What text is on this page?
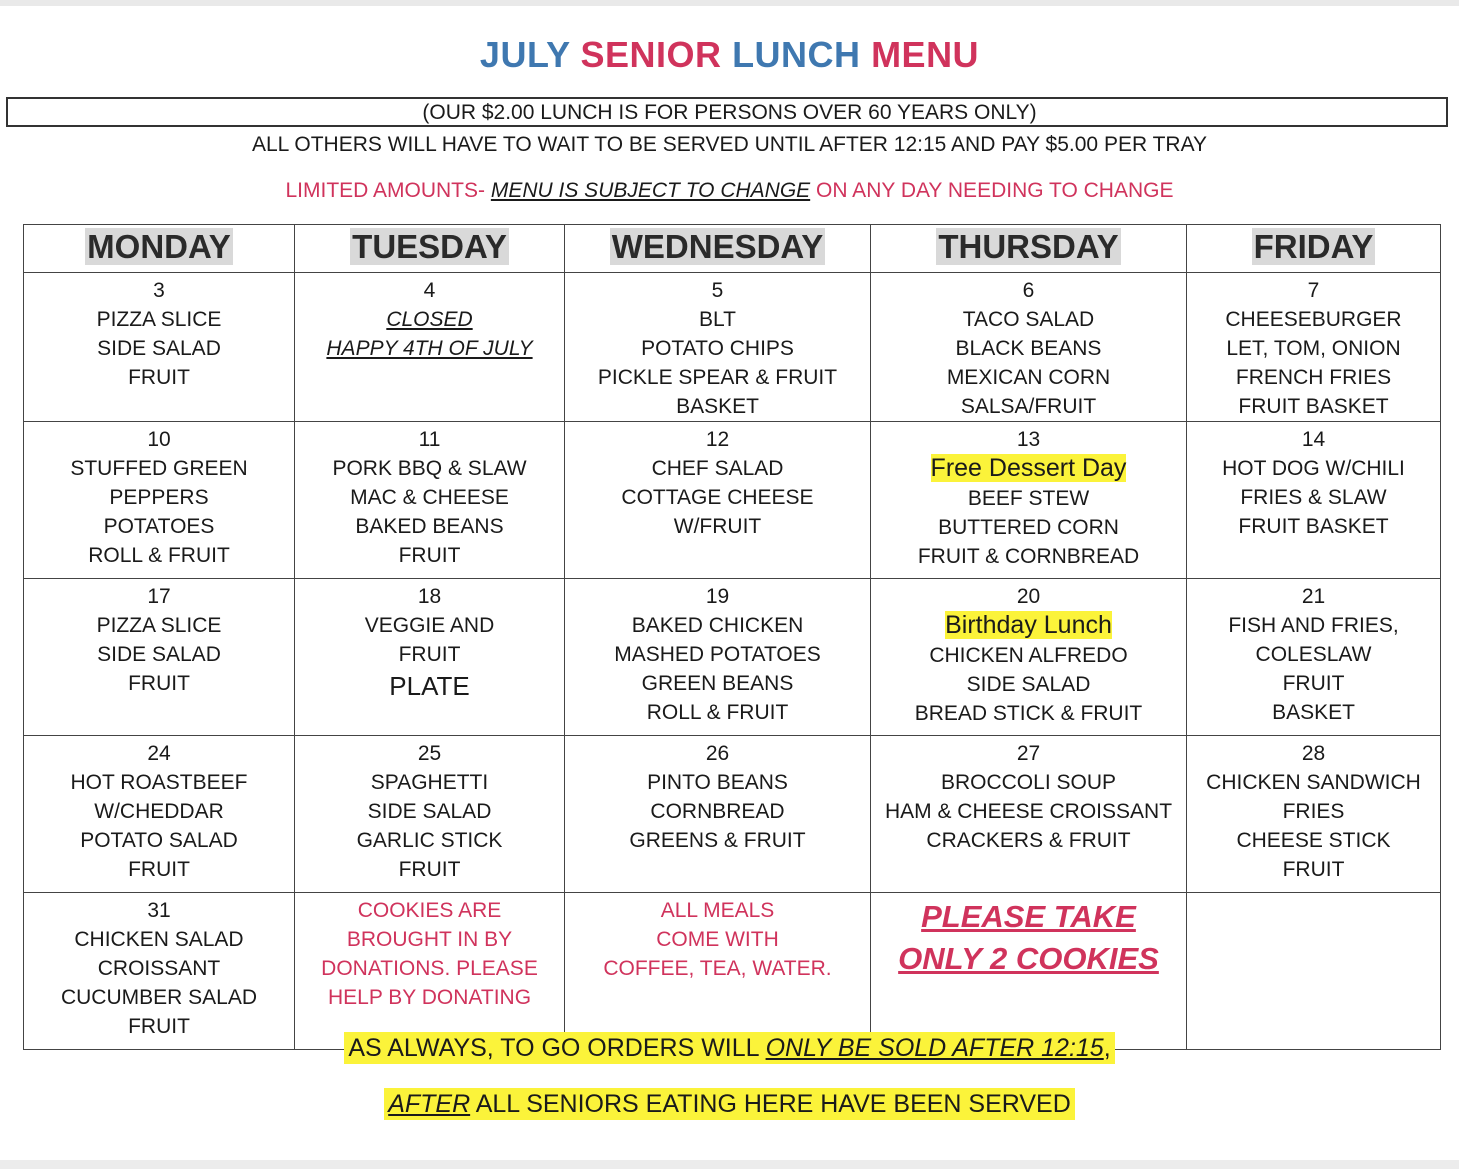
JULY SENIOR LUNCH MENU
(OUR $2.00 LUNCH IS FOR PERSONS OVER 60 YEARS ONLY)
ALL OTHERS WILL HAVE TO WAIT TO BE SERVED UNTIL AFTER 12:15 AND PAY $5.00 PER TRAY
LIMITED AMOUNTS- MENU IS SUBJECT TO CHANGE ON ANY DAY NEEDING TO CHANGE
MONDAY	TUESDAY	WEDNESDAY	THURSDAY	FRIDAY

3
PIZZA SLICE
SIDE SALAD
FRUIT	4
CLOSED
HAPPY 4TH OF JULY	5
BLT
POTATO CHIPS
PICKLE SPEAR & FRUIT
BASKET	6
TACO SALAD
BLACK BEANS
MEXICAN CORN
SALSA/FRUIT	7
CHEESEBURGER
LET, TOM, ONION
FRENCH FRIES
FRUIT BASKET

10
STUFFED GREEN
PEPPERS
POTATOES
ROLL & FRUIT	11
PORK BBQ & SLAW
MAC & CHEESE
BAKED BEANS
FRUIT	12
CHEF SALAD
COTTAGE CHEESE
W/FRUIT	13
Free Dessert Day
BEEF STEW
BUTTERED CORN
FRUIT & CORNBREAD	14
HOT DOG W/CHILI
FRIES & SLAW
FRUIT BASKET

17
PIZZA SLICE
SIDE SALAD
FRUIT	18
VEGGIE AND
FRUIT
PLATE	19
BAKED CHICKEN
MASHED POTATOES
GREEN BEANS
ROLL & FRUIT	20
Birthday Lunch
CHICKEN ALFREDO
SIDE SALAD
BREAD STICK & FRUIT	21
FISH AND FRIES,
COLESLAW
FRUIT
BASKET

24
HOT ROASTBEEF
W/CHEDDAR
POTATO SALAD
FRUIT	25
SPAGHETTI
SIDE SALAD
GARLIC STICK
FRUIT	26
PINTO BEANS
CORNBREAD
GREENS & FRUIT	27
BROCCOLI SOUP
HAM & CHEESE CROISSANT
CRACKERS & FRUIT	28
CHICKEN SANDWICH
FRIES
CHEESE STICK
FRUIT

31
CHICKEN SALAD
CROISSANT
CUCUMBER SALAD
FRUIT	COOKIES ARE
BROUGHT IN BY
DONATIONS. PLEASE
HELP BY DONATING	ALL MEALS
COME WITH
COFFEE, TEA, WATER.	PLEASE TAKE
ONLY 2 COOKIES	

AS ALWAYS, TO GO ORDERS WILL ONLY BE SOLD AFTER 12:15,
AFTER ALL SENIORS EATING HERE HAVE BEEN SERVED
